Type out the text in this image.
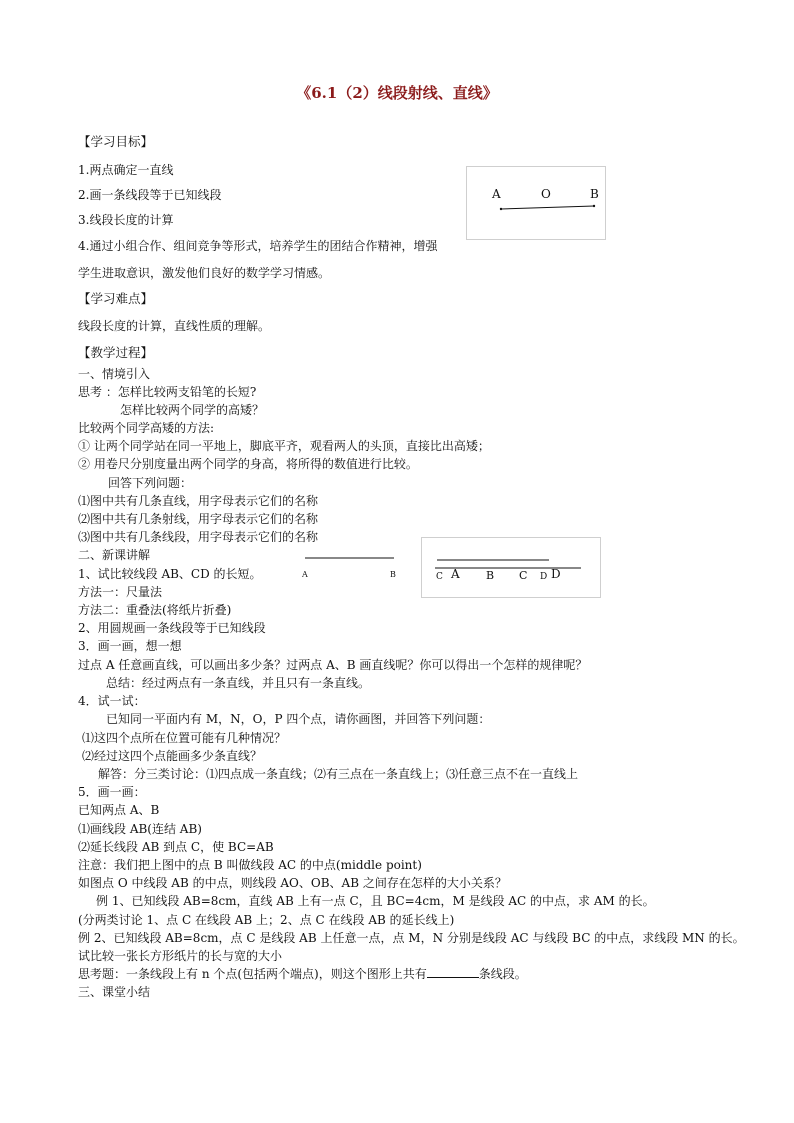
《6.1（2）线段射线、直线》
【学习目标】
1.两点确定一直线
2.画一条线段等于已知线段
3.线段长度的计算
4.通过小组合作、组间竞争等形式，培养学生的团结合作精神，增强
学生进取意识，激发他们良好的数学学习情感。
A	O	B
【学习难点】
线段长度的计算，直线性质的理解。
【教学过程】
一、情境引入
思考 ：怎样比较两支铅笔的长短?
怎样比较两个同学的高矮？
比较两个同学高矮的方法:
① 让两个同学站在同一平地上，脚底平齐，观看两人的头顶，直接比出高矮；
② 用卷尺分别度量出两个同学的身高，将所得的数值进行比较。
回答下列问题：
⑴图中共有几条直线，用字母表示它们的名称
⑵图中共有几条射线，用字母表示它们的名称
⑶图中共有几条线段，用字母表示它们的名称
二、新课讲解
1、试比较线段 AB、CD 的长短。	A	B	C A B C D D
方法一：尺量法
方法二：重叠法(将纸片折叠)
2、用圆规画一条线段等于已知线段
3．画一画，想一想
过点 A 任意画直线，可以画出多少条？过两点 A、B 画直线呢？你可以得出一个怎样的规律呢？
总结：经过两点有一条直线，并且只有一条直线。
4．试一试：
已知同一平面内有 M，N，O，P 四个点，请你画图，并回答下列问题：
⑴这四个点所在位置可能有几种情况？
⑵经过这四个点能画多少条直线？
解答：分三类讨论：⑴四点成一条直线；⑵有三点在一条直线上；⑶任意三点不在一直线上
5．画一画：
已知两点 A、B
⑴画线段 AB(连结 AB)
⑵延长线段 AB 到点 C，使 BC=AB
注意：我们把上图中的点 B 叫做线段 AC 的中点(middle point)
如图点 O 中线段 AB 的中点，则线段 AO、OB、AB 之间存在怎样的大小关系？
例 1、已知线段 AB=8cm，直线 AB 上有一点 C，且 BC=4cm，M 是线段 AC 的中点，求 AM 的长。
(分两类讨论 1、点 C 在线段 AB 上；2、点 C 在线段 AB 的延长线上)
例 2、已知线段 AB=8cm，点 C 是线段 AB 上任意一点，点 M，N 分别是线段 AC 与线段 BC 的中点，求线段 MN 的长。
试比较一张长方形纸片的长与宽的大小
思考题：一条线段上有 n 个点(包括两个端点)，则这个图形上共有	条线段。
三、课堂小结
